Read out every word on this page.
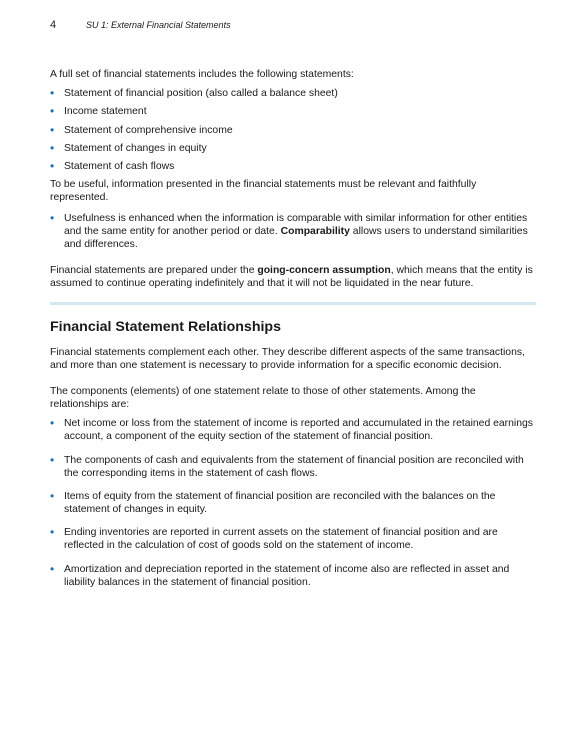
4	SU 1: External Financial Statements

A full set of financial statements includes the following statements:

• Statement of financial position (also called a balance sheet)
• Income statement
• Statement of comprehensive income
• Statement of changes in equity
• Statement of cash flows

To be useful, information presented in the financial statements must be relevant and faithfully represented.

• Usefulness is enhanced when the information is comparable with similar information for other entities and the same entity for another period or date. Comparability allows users to understand similarities and differences.

Financial statements are prepared under the going-concern assumption, which means that the entity is assumed to continue operating indefinitely and that it will not be liquidated in the near future.

Financial Statement Relationships

Financial statements complement each other. They describe different aspects of the same transactions, and more than one statement is necessary to provide information for a specific economic decision.

The components (elements) of one statement relate to those of other statements. Among the relationships are:

• Net income or loss from the statement of income is reported and accumulated in the retained earnings account, a component of the equity section of the statement of financial position.
• The components of cash and equivalents from the statement of financial position are reconciled with the corresponding items in the statement of cash flows.
• Items of equity from the statement of financial position are reconciled with the balances on the statement of changes in equity.
• Ending inventories are reported in current assets on the statement of financial position and are reflected in the calculation of cost of goods sold on the statement of income.
• Amortization and depreciation reported in the statement of income also are reflected in asset and liability balances in the statement of financial position.
